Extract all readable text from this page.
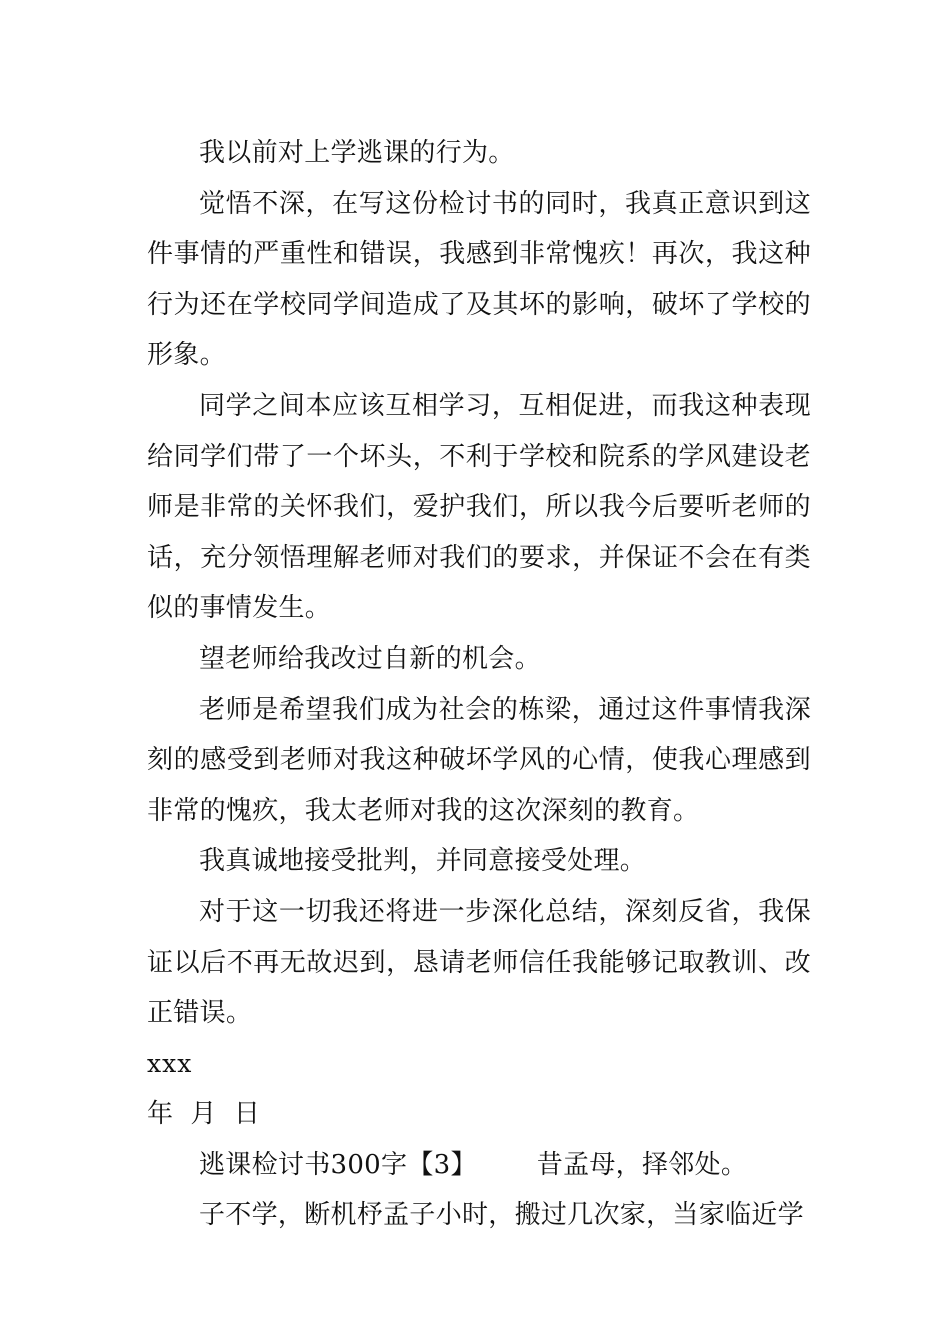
我以前对上学逃课的行为。

觉悟不深，在写这份检讨书的同时，我真正意识到这件事情的严重性和错误，我感到非常愧疚！再次，我这种行为还在学校同学间造成了及其坏的影响，破坏了学校的形象。

同学之间本应该互相学习，互相促进，而我这种表现给同学们带了一个坏头，不利于学校和院系的学风建设老师是非常的关怀我们，爱护我们，所以我今后要听老师的话，充分领悟理解老师对我们的要求，并保证不会在有类似的事情发生。

望老师给我改过自新的机会。

老师是希望我们成为社会的栋梁，通过这件事情我深刻的感受到老师对我这种破坏学风的心情，使我心理感到非常的愧疚，我太老师对我的这次深刻的教育。

我真诚地接受批判，并同意接受处理。

对于这一切我还将进一步深化总结，深刻反省，我保证以后不再无故迟到，恳请老师信任我能够记取教训、改正错误。

xxx

年  月  日

逃课检讨书300字【3】 昔孟母，择邻处。

子不学，断机杼孟子小时，搬过几次家，当家临近学
